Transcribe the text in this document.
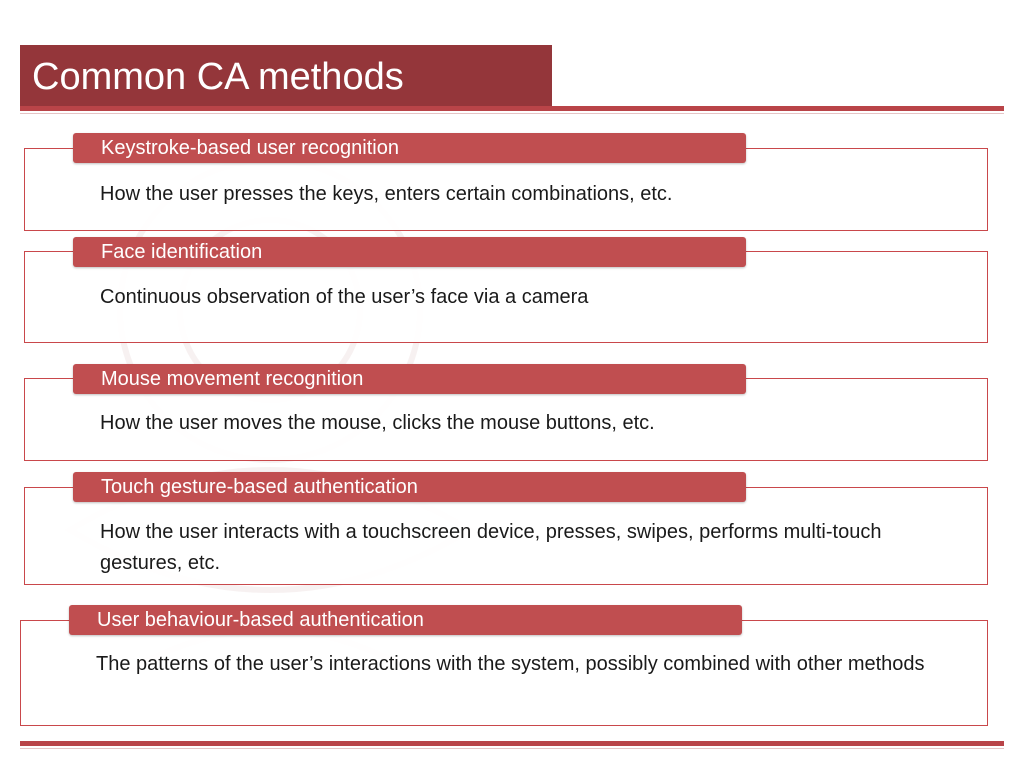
Common CA methods
How the user presses the keys, enters certain combinations, etc.
Keystroke-based user recognition
Continuous observation of the user’s face via a camera
Face identification
How the user moves the mouse, clicks the mouse buttons, etc.
Mouse movement recognition
How the user interacts with a touchscreen device, presses, swipes, performs multi-touch gestures, etc.
Touch gesture-based authentication
The patterns of the user’s interactions with the system, possibly combined with other methods
User behaviour-based authentication
